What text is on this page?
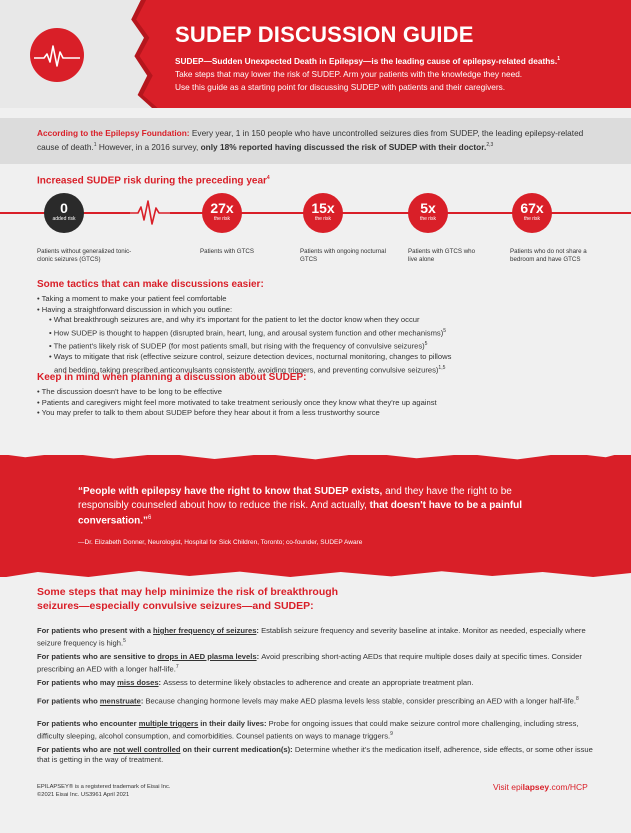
SUDEP DISCUSSION GUIDE
SUDEP—Sudden Unexpected Death in Epilepsy—is the leading cause of epilepsy-related deaths.$^1$
Take steps that may lower the risk of SUDEP. Arm your patients with the knowledge they need.
Use this guide as a starting point for discussing SUDEP with patients and their caregivers.
According to the Epilepsy Foundation: Every year, 1 in 150 people who have uncontrolled seizures dies from SUDEP, the leading epilepsy-related cause of death.$^1$ However, in a 2016 survey, only 18% reported having discussed the risk of SUDEP with their doctor.$^{2,3}$
Increased SUDEP risk during the preceding year$^4$
0
added risk
27x
the risk
15x
the risk
5x
the risk
67x
the risk
Patients without generalized tonic-clonic seizures (GTCS)
Patients with GTCS	Patients with ongoing nocturnal GTCS
Patients with GTCS who live alone
Patients who do not share a bedroom and have GTCS
Some tactics that can make discussions easier:
• Taking a moment to make your patient feel comfortable
• Having a straightforward discussion in which you outline:
• What breakthrough seizures are, and why it's important for the patient to let the doctor know when they occur
• How SUDEP is thought to happen (disrupted brain, heart, lung, and arousal system function and other mechanisms)$^5$
• The patient's likely risk of SUDEP (for most patients small, but rising with the frequency of convulsive seizures)$^5$
• Ways to mitigate that risk (effective seizure control, seizure detection devices, nocturnal monitoring, changes to pillows
and bedding, taking prescribed anticonvulsants consistently, avoiding triggers, and preventing convulsive seizures)$^{1,5}$
Keep in mind when planning a discussion about SUDEP:
• The discussion doesn't have to be long to be effective
• Patients and caregivers might feel more motivated to take treatment seriously once they know what they're up against
• You may prefer to talk to them about SUDEP before they hear about it from a less trustworthy source
“People with epilepsy have the right to know that SUDEP exists, and they have the right to be responsibly counseled about how to reduce the risk. And actually, that doesn't have to be a painful conversation.”$^6$
—Dr. Elizabeth Donner, Neurologist, Hospital for Sick Children, Toronto; co-founder, SUDEP Aware
Some steps that may help minimize the risk of breakthrough
seizures—especially convulsive seizures—and SUDEP:
For patients who present with a higher frequency of seizures: Establish seizure frequency and severity baseline at intake. Monitor as needed, especially where seizure frequency is high.$^5$
For patients who are sensitive to drops in AED plasma levels: Avoid prescribing short-acting AEDs that require multiple doses daily at specific times. Consider prescribing an AED with a longer half-life.$^7$
For patients who may miss doses: Assess to determine likely obstacles to adherence and create an appropriate treatment plan.
For patients who menstruate: Because changing hormone levels may make AED plasma levels less stable, consider prescribing an AED with a longer half-life.$^8$
For patients who encounter multiple triggers in their daily lives: Probe for ongoing issues that could make seizure control more challenging, including stress, difficulty sleeping, alcohol consumption, and comorbidities. Counsel patients on ways to manage triggers.$^9$
For patients who are not well controlled on their current medication(s): Determine whether it's the medication itself, adherence, side effects, or some other issue that is getting in the way of treatment.
EPILAPSEY® is a registered trademark of Eisai Inc.
©2021 Eisai Inc. US3961 April 2021
Visit epilapsey.com/HCP
